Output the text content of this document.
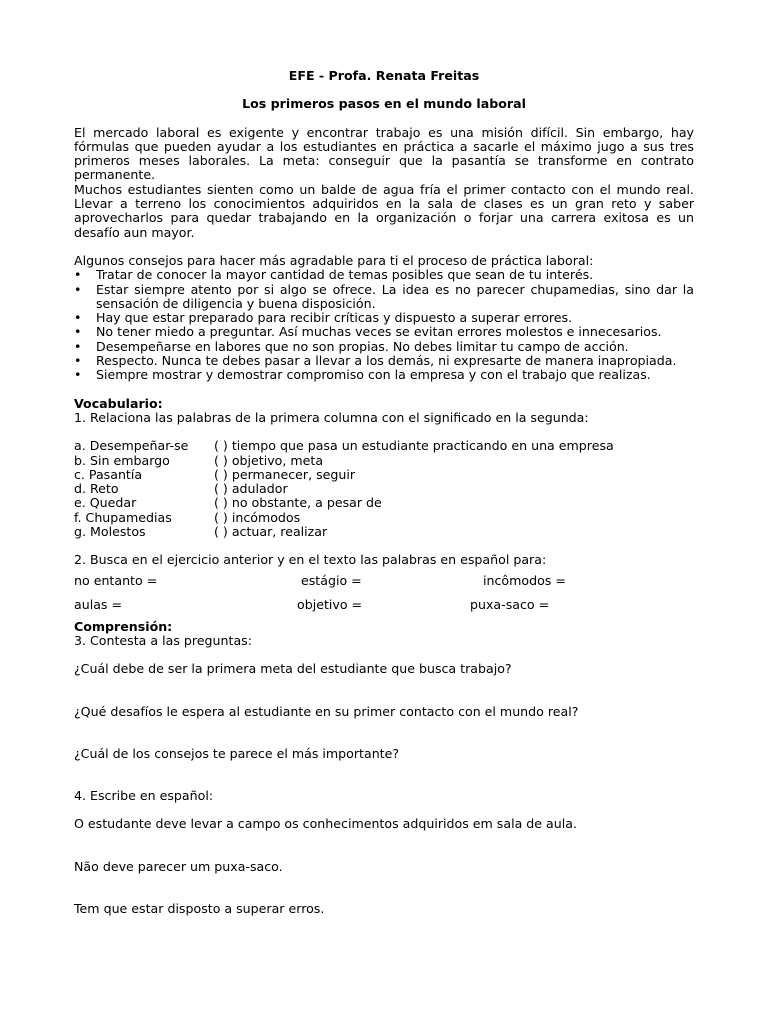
EFE - Profa. Renata Freitas

Los primeros pasos en el mundo laboral

El mercado laboral es exigente y encontrar trabajo es una misión difícil. Sin embargo, hay fórmulas que pueden ayudar a los estudiantes en práctica a sacarle el máximo jugo a sus tres primeros meses laborales. La meta: conseguir que la pasantía se transforme en contrato permanente.

Muchos estudiantes sienten como un balde de agua fría el primer contacto con el mundo real. Llevar a terreno los conocimientos adquiridos en la sala de clases es un gran reto y saber aprovecharlos para quedar trabajando en la organización o forjar una carrera exitosa es un desafío aun mayor.

Algunos consejos para hacer más agradable para ti el proceso de práctica laboral:

• Tratar de conocer la mayor cantidad de temas posibles que sean de tu interés.
• Estar siempre atento por si algo se ofrece. La idea es no parecer chupamedias, sino dar la sensación de diligencia y buena disposición.
• Hay que estar preparado para recibir críticas y dispuesto a superar errores.
• No tener miedo a preguntar. Así muchas veces se evitan errores molestos e innecesarios.
• Desempeñarse en labores que no son propias. No debes limitar tu campo de acción.
• Respecto. Nunca te debes pasar a llevar a los demás, ni expresarte de manera inapropiada.
• Siempre mostrar y demostrar compromiso con la empresa y con el trabajo que realizas.

Vocabulario:

1. Relaciona las palabras de la primera columna con el significado en la segunda:

a. Desempeñar-se	( ) tiempo que pasa un estudiante practicando en una empresa
b. Sin embargo	( ) objetivo, meta
c. Pasantía	( ) permanecer, seguir
d. Reto	( ) adulador
e. Quedar	( ) no obstante, a pesar de
f. Chupamedias	( ) incómodos
g. Molestos	( ) actuar, realizar

2. Busca en el ejercicio anterior y en el texto las palabras en español para:

no entanto =	estágio =	incômodos =
aulas =	objetivo =	puxa-saco =

Comprensión:

3. Contesta a las preguntas:

¿Cuál debe de ser la primera meta del estudiante que busca trabajo?

¿Qué desafíos le espera al estudiante en su primer contacto con el mundo real?

¿Cuál de los consejos te parece el más importante?

4. Escribe en español:

O estudante deve levar a campo os conhecimentos adquiridos em sala de aula.

Não deve parecer um puxa-saco.

Tem que estar disposto a superar erros.
